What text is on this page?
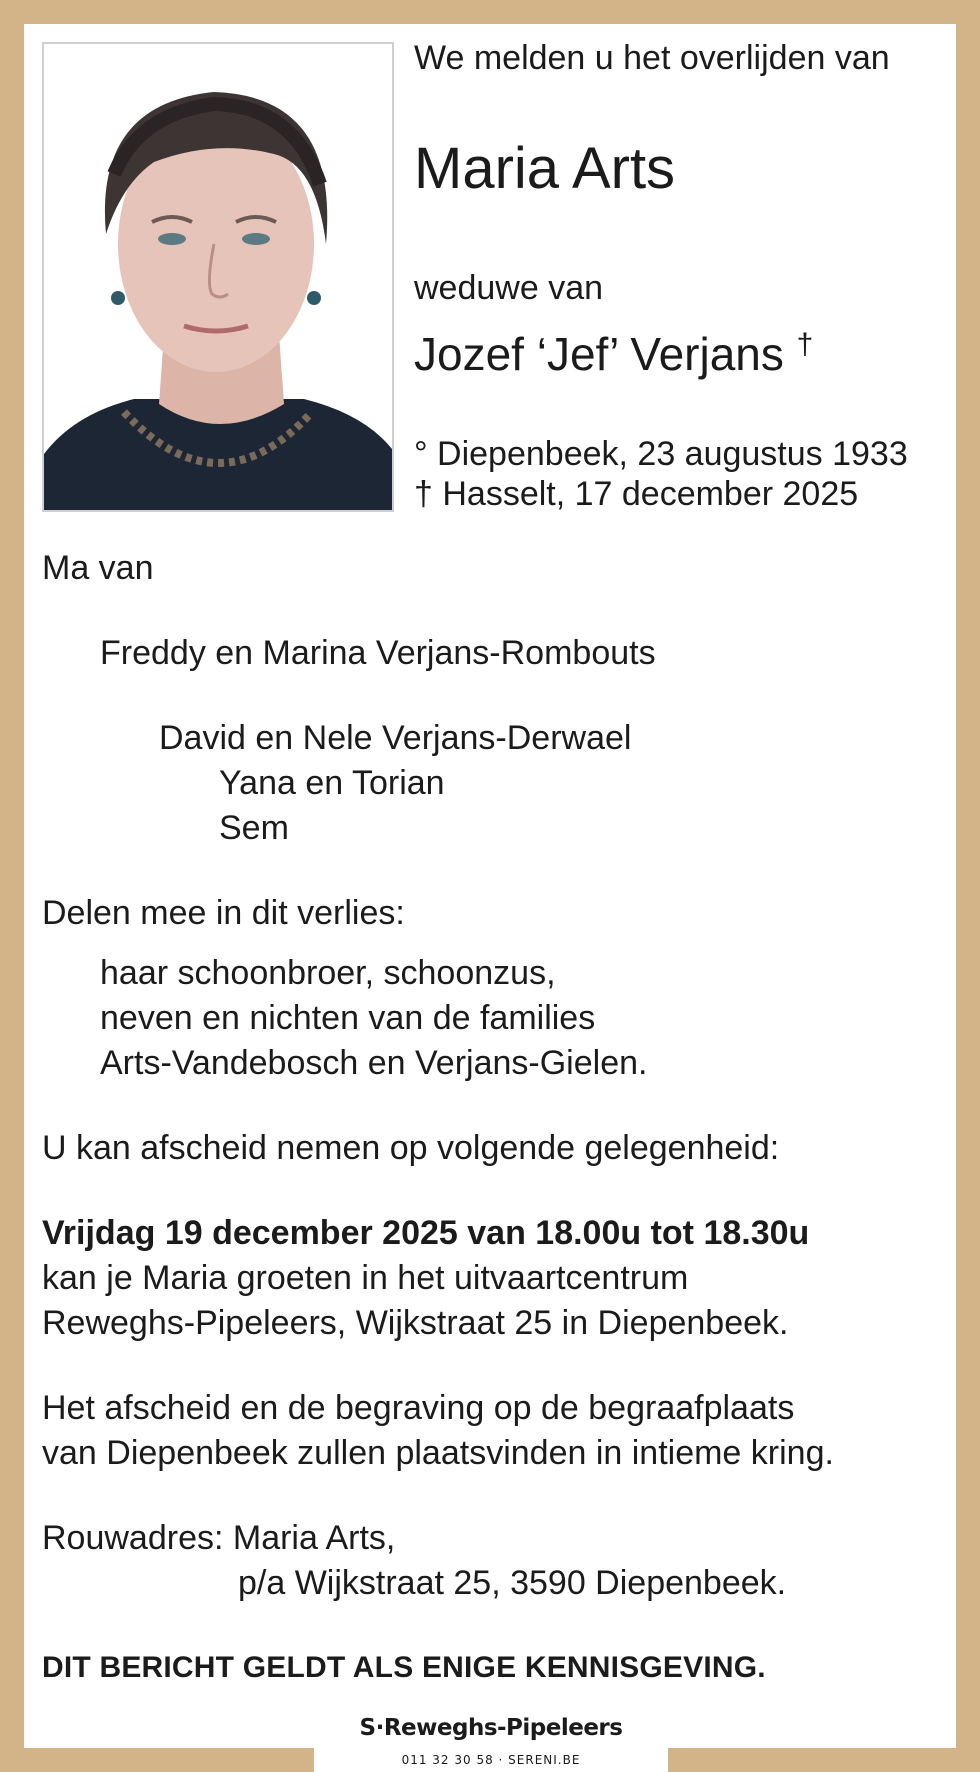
We melden u het overlijden van
Maria Arts
weduwe van
Jozef ‘Jef’ Verjans †
° Diepenbeek, 23 augustus 1933
† Hasselt, 17 december 2025
Ma van
Freddy en Marina Verjans-Rombouts
David en Nele Verjans-Derwael
Yana en Torian
Sem
Delen mee in dit verlies:
haar schoonbroer, schoonzus,
neven en nichten van de families
Arts-Vandebosch en Verjans-Gielen.
U kan afscheid nemen op volgende gelegenheid:
Vrijdag 19 december 2025 van 18.00u tot 18.30u
kan je Maria groeten in het uitvaartcentrum
Reweghs-Pipeleers, Wijkstraat 25 in Diepenbeek.
Het afscheid en de begraving op de begraafplaats
van Diepenbeek zullen plaatsvinden in intieme kring.
Rouwadres: Maria Arts,
p/a Wijkstraat 25, 3590 Diepenbeek.
DIT BERICHT GELDT ALS ENIGE KENNISGEVING.
S·Reweghs-Pipeleers
011 32 30 58 · SERENI.BE
